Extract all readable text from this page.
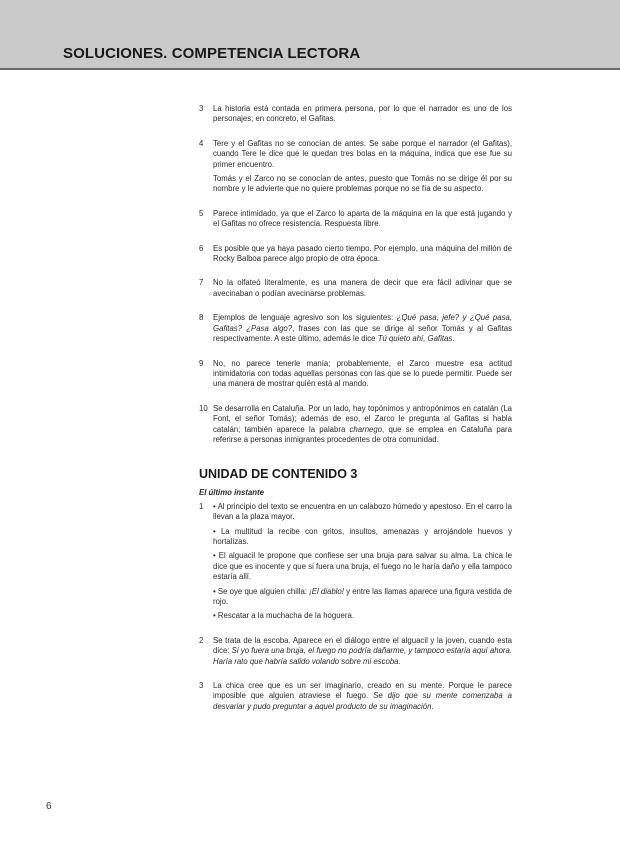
SOLUCIONES. COMPETENCIA LECTORA
3	La historia está contada en primera persona, por lo que el narrador es uno de los personajes; en concreto, el Gafitas.

4	Tere y el Gafitas no se conocían de antes. Se sabe porque el narrador (el Gafitas), cuando Tere le dice que le quedan tres bolas en la máquina, indica que ese fue su primer encuentro.

Tomás y el Zarco no se conocían de antes, puesto que Tomás no se dirige él por su nombre y le advierte que no quiere problemas porque no se fía de su aspecto.

5	Parece intimidado, ya que el Zarco lo aparta de la máquina en la que está jugando y el Gafitas no ofrece resistencia. Respuesta libre.

6	Es posible que ya haya pasado cierto tiempo. Por ejemplo, una máquina del millón de Rocky Balboa parece algo propio de otra época.

7	No la olfateó literalmente, es una manera de decir que era fácil adivinar que se avecinaban o podían avecinarse problemas.

8	Ejemplos de lenguaje agresivo son los siguientes: ¿Qué pasa, jefe? y ¿Qué pasa, Gafitas? ¿Pasa algo?, frases con las que se dirige al señor Tomás y al Gafitas respectivamente. A este último, además le dice Tú quieto ahí, Gafitas.

9	No, no parece tenerle manía; probablemente, el Zarco muestre esa actitud intimidatoria con todas aquellas personas con las que se lo puede permitir. Puede ser una manera de mostrar quién está al mando.

10 Se desarrolla en Cataluña. Por un lado, hay topónimos y antropónimos en catalán (La Font, el señor Tomás); además de eso, el Zarco le pregunta al Gafitas si habla catalán; también aparece la palabra charnego, que se emplea en Cataluña para referirse a personas inmigrantes procedentes de otra comunidad.

UNIDAD DE CONTENIDO 3

El último instante

1	• Al principio del texto se encuentra en un calabozo húmedo y apestoso. En el carro la llevan a la plaza mayor.

• La multitud la recibe con gritos, insultos, amenazas y arrojándole huevos y hortalizas.

• El alguacil le propone que confiese ser una bruja para salvar su alma. La chica le dice que es inocente y que si fuera una bruja, el fuego no le haría daño y ella tampoco estaría allí.

• Se oye que alguien chilla: ¡El diablo! y entre las llamas aparece una figura vestida de rojo.

• Rescatar a la muchacha de la hoguera.

2	Se trata de la escoba. Aparece en el diálogo entre el alguacil y la joven, cuando esta dice: Si yo fuera una bruja, el fuego no podría dañarme, y tampoco estaría aquí ahora. Haría rato que habría salido volando sobre mi escoba.

3	La chica cree que es un ser imaginario, creado en su mente. Porque le parece imposible que alguien atraviese el fuego. Se dijo que su mente comenzaba a desvariar y pudo preguntar a aquel producto de su imaginación.

6
